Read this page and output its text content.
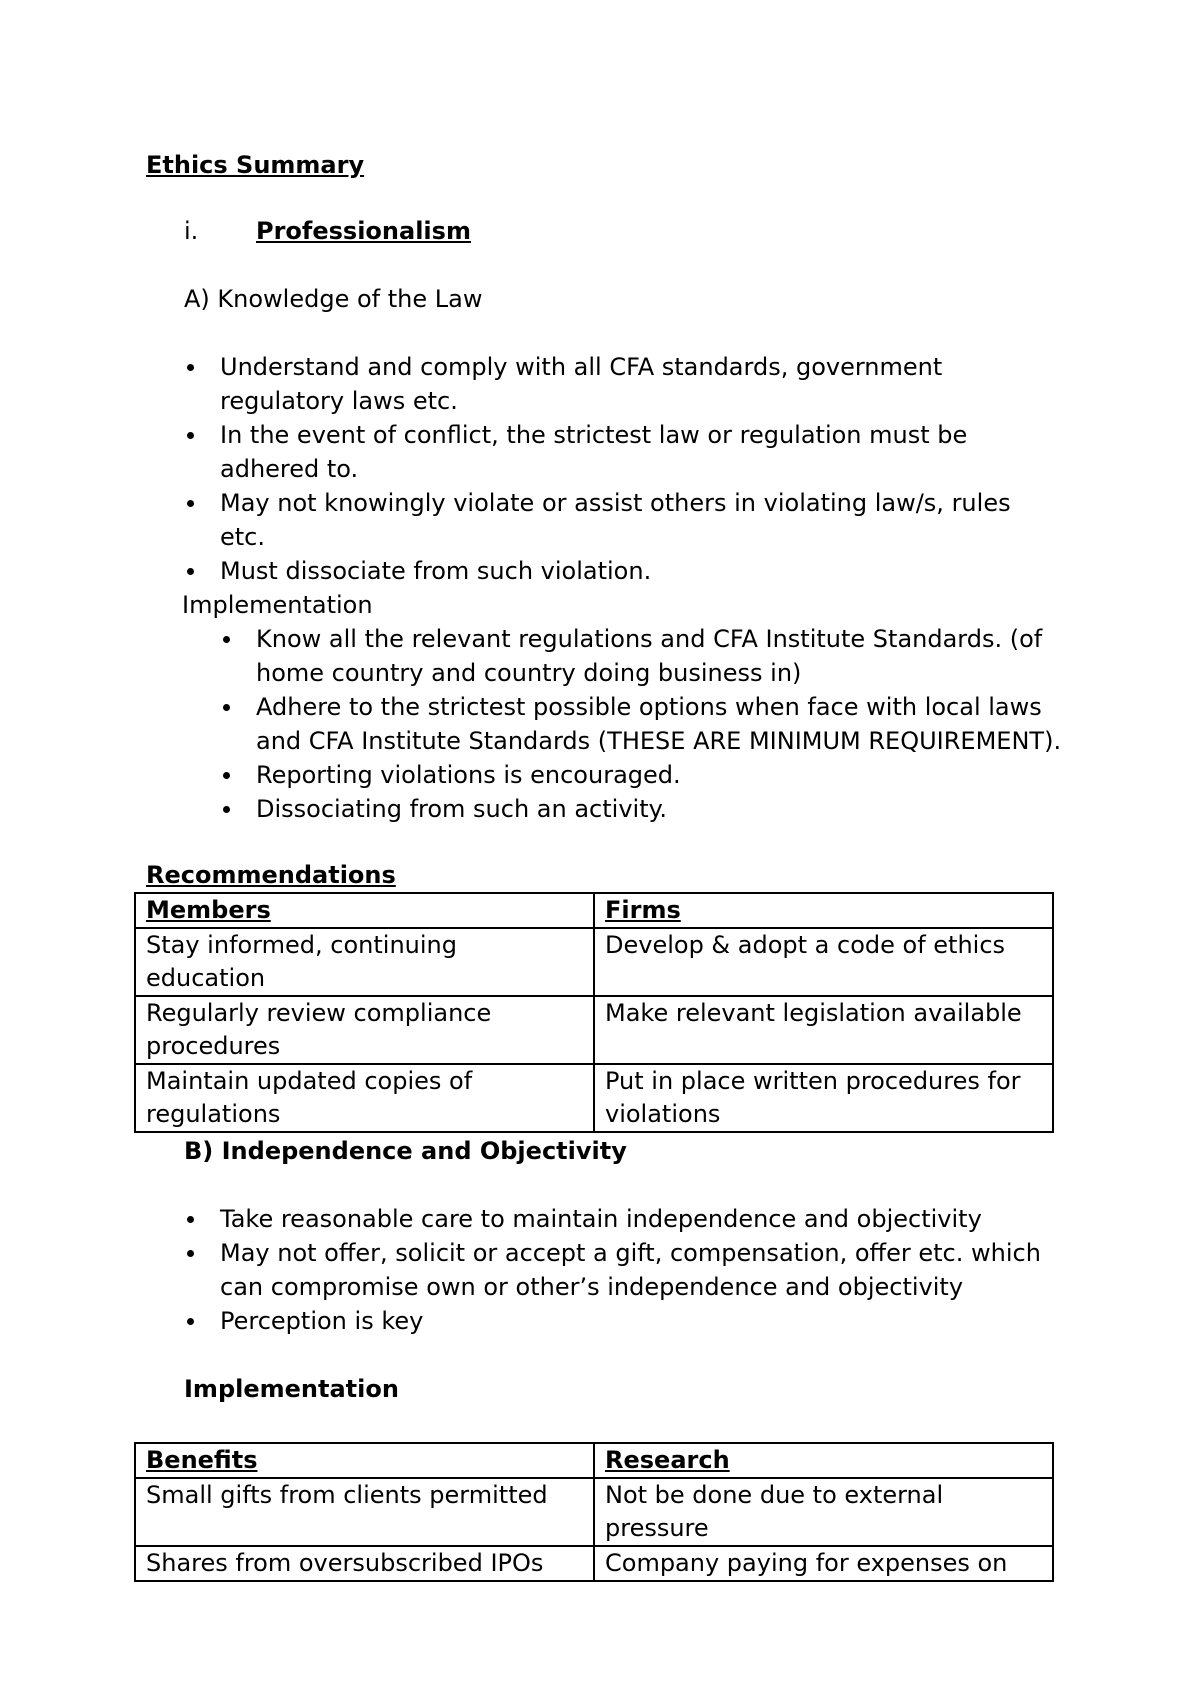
Ethics Summary
i. Professionalism
A) Knowledge of the Law
Understand and comply with all CFA standards, government regulatory laws etc.
In the event of conflict, the strictest law or regulation must be adhered to.
May not knowingly violate or assist others in violating law/s, rules etc.
Must dissociate from such violation.
Implementation
Know all the relevant regulations and CFA Institute Standards. (of home country and country doing business in)
Adhere to the strictest possible options when face with local laws and CFA Institute Standards (THESE ARE MINIMUM REQUIREMENT).
Reporting violations is encouraged.
Dissociating from such an activity.
Recommendations
Members	Firms
Stay informed, continuing education	Develop & adopt a code of ethics
Regularly review compliance procedures	Make relevant legislation available
Maintain updated copies of regulations	Put in place written procedures for violations
B) Independence and Objectivity
Take reasonable care to maintain independence and objectivity
May not offer, solicit or accept a gift, compensation, offer etc. which can compromise own or other’s independence and objectivity
Perception is key
Implementation
Benefits	Research
Small gifts from clients permitted	Not be done due to external pressure
Shares from oversubscribed IPOs	Company paying for expenses on
